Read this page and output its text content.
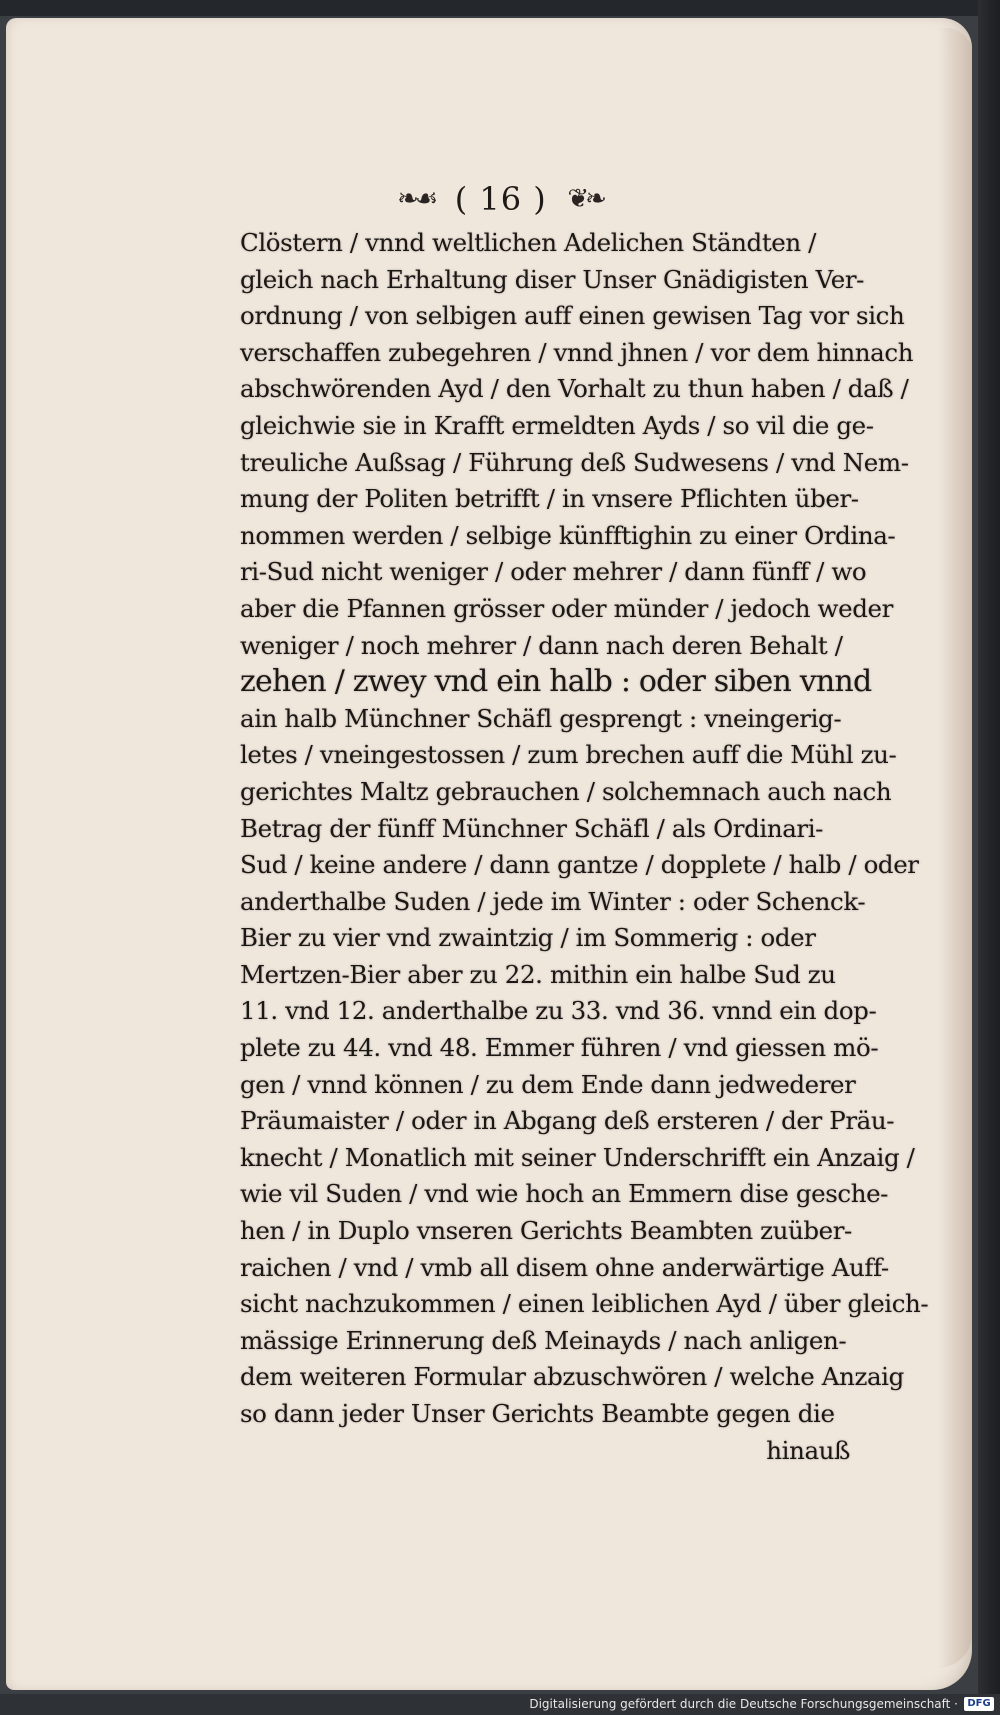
❧☙ ( 16 ) ❦❧
Clöstern / vnnd weltlichen Adelichen Ständten /
gleich nach Erhaltung diser Unser Gnädigisten Ver-
ordnung / von selbigen auff einen gewisen Tag vor sich
verschaffen zubegehren / vnnd jhnen / vor dem hinnach
abschwörenden Ayd / den Vorhalt zu thun haben / daß /
gleichwie sie in Krafft ermeldten Ayds / so vil die ge-
treuliche Außsag / Führung deß Sudwesens / vnd Nem-
mung der Politen betrifft / in vnsere Pflichten über-
nommen werden / selbige künfftighin zu einer Ordina-
ri-Sud nicht weniger / oder mehrer / dann fünff / wo
aber die Pfannen grösser oder münder / jedoch weder
weniger / noch mehrer / dann nach deren Behalt /
zehen / zwey vnd ein halb : oder siben vnnd
ain halb Münchner Schäfl gesprengt : vneingerig-
letes / vneingestossen / zum brechen auff die Mühl zu-
gerichtes Maltz gebrauchen / solchemnach auch nach
Betrag der fünff Münchner Schäfl / als Ordinari-
Sud / keine andere / dann gantze / dopplete / halb / oder
anderthalbe Suden / jede im Winter : oder Schenck-
Bier zu vier vnd zwaintzig / im Sommerig : oder
Mertzen-Bier aber zu 22. mithin ein halbe Sud zu
11. vnd 12. anderthalbe zu 33. vnd 36. vnnd ein dop-
plete zu 44. vnd 48. Emmer führen / vnd giessen mö-
gen / vnnd können / zu dem Ende dann jedwederer
Präumaister / oder in Abgang deß ersteren / der Präu-
knecht / Monatlich mit seiner Underschrifft ein Anzaig /
wie vil Suden / vnd wie hoch an Emmern dise gesche-
hen / in Duplo vnseren Gerichts Beambten zuüber-
raichen / vnd / vmb all disem ohne anderwärtige Auff-
sicht nachzukommen / einen leiblichen Ayd / über gleich-
mässige Erinnerung deß Meinayds / nach anligen-
dem weiteren Formular abzuschwören / welche Anzaig
so dann jeder Unser Gerichts Beambte gegen die
hinauß
Digitalisierung gefördert durch die Deutsche Forschungsgemeinschaft · DFG
